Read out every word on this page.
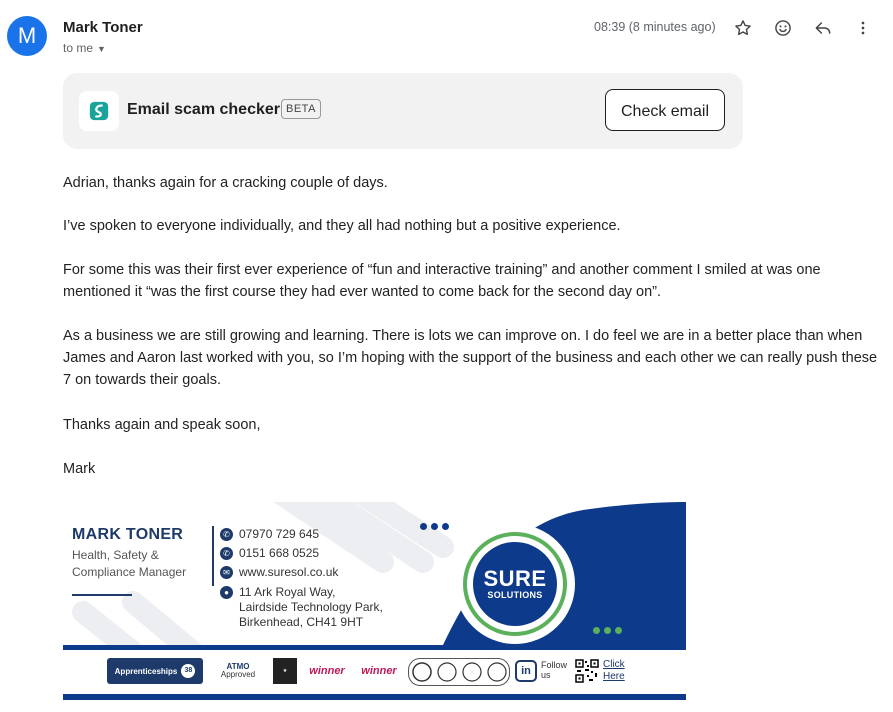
M	Mark Toner
to me ▼
08:39 (8 minutes ago)
Email scam checker BETA	Check email

Adrian, thanks again for a cracking couple of days.

I’ve spoken to everyone individually, and they all had nothing but a positive experience.

For some this was their first ever experience of “fun and interactive training” and another comment I smiled at was one mentioned it “was the first course they had ever wanted to come back for the second day on”.

As a business we are still growing and learning. There is lots we can improve on. I do feel we are in a better place than when James and Aaron last worked with you, so I’m hoping with the support of the business and each other we can really push these 7 on towards their goals.

Thanks again and speak soon,

Mark

MARK TONER
Health, Safety & Compliance Manager
✆ 07970 729 645
✆ 0151 668 0525
✉ www.suresol.co.uk
● 11 Ark Royal Way,
Lairdside Technology Park,
Birkenhead, CH41 9HT
SURE
SOLUTIONS
Apprenticeships	38	ATMO
Approved	★	winner	winner	in	Follow
us
Click
Here
